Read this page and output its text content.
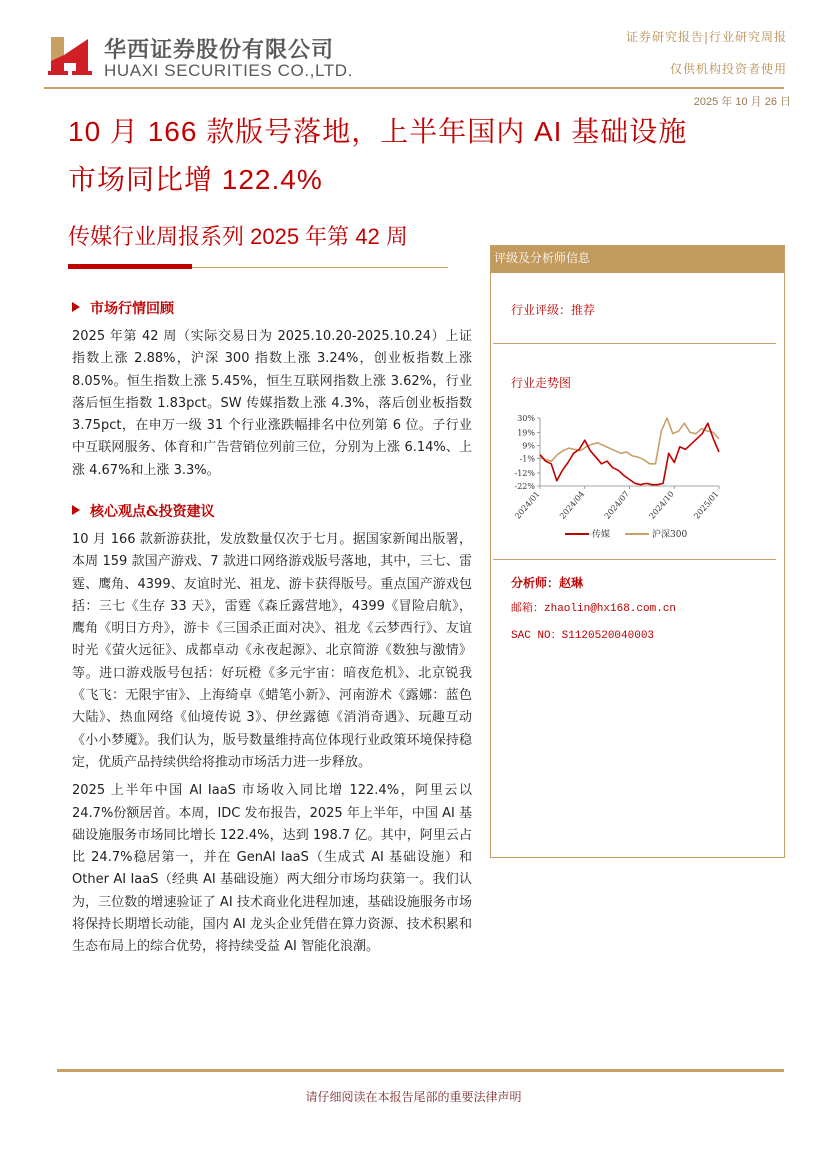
华西证券股份有限公司
HUAXI SECURITIES CO.,LTD.
证券研究报告|行业研究周报
仅供机构投资者使用
2025 年 10 月 26 日
10 月 166 款版号落地，上半年国内 AI 基础设施
市场同比增 122.4%
传媒行业周报系列 2025 年第 42 周
市场行情回顾

2025 年第 42 周（实际交易日为 2025.10.20-2025.10.24）上证指数上涨 2.88%，沪深 300 指数上涨 3.24%，创业板指数上涨 8.05%。恒生指数上涨 5.45%，恒生互联网指数上涨 3.62%，行业落后恒生指数 1.83pct。SW 传媒指数上涨 4.3%，落后创业板指数 3.75pct，在申万一级 31 个行业涨跌幅排名中位列第 6 位。子行业中互联网服务、体育和广告营销位列前三位，分别为上涨 6.14%、上涨 4.67%和上涨 3.3%。

核心观点&投资建议

10 月 166 款新游获批，发放数量仅次于七月。据国家新闻出版署，本周 159 款国产游戏、7 款进口网络游戏版号落地，其中，三七、雷霆、鹰角、4399、友谊时光、祖龙、游卡获得版号。重点国产游戏包括：三七《生存 33 天》，雷霆《森丘露营地》，4399《冒险启航》，鹰角《明日方舟》，游卡《三国杀正面对决》、祖龙《云梦西行》、友谊时光《萤火远征》、成都卓动《永夜起源》、北京简游《数独与激情》等。进口游戏版号包括：好玩橙《多元宇宙：暗夜危机》、北京锐我《飞飞：无限宇宙》、上海绮卓《蜡笔小新》、河南游术《露娜：蓝色大陆》、热血网络《仙境传说 3》、伊丝露德《消消奇遇》、玩趣互动《小小梦魇》。我们认为，版号数量维持高位体现行业政策环境保持稳定，优质产品持续供给将推动市场活力进一步释放。

2025 上半年中国 AI IaaS 市场收入同比增 122.4%，阿里云以 24.7%份额居首。本周，IDC 发布报告，2025 年上半年，中国 AI 基础设施服务市场同比增长 122.4%，达到 198.7 亿。其中，阿里云占比 24.7%稳居第一，并在 GenAI IaaS（生成式 AI 基础设施）和 Other AI IaaS（经典 AI 基础设施）两大细分市场均获第一。我们认为，三位数的增速验证了 AI 技术商业化进程加速，基础设施服务市场将保持长期增长动能，国内 AI 龙头企业凭借在算力资源、技术积累和生态布局上的综合优势，将持续受益 AI 智能化浪潮。

评级及分析师信息
行业评级：推荐
行业走势图
30%
19%
9%
-1%
-12%
-22%
2024/01 2024/04 2024/07 2024/10 2025/01
传媒	沪深300
分析师：赵琳
邮箱：zhaolin@hx168.com.cn
SAC NO：S1120520040003
请仔细阅读在本报告尾部的重要法律声明
